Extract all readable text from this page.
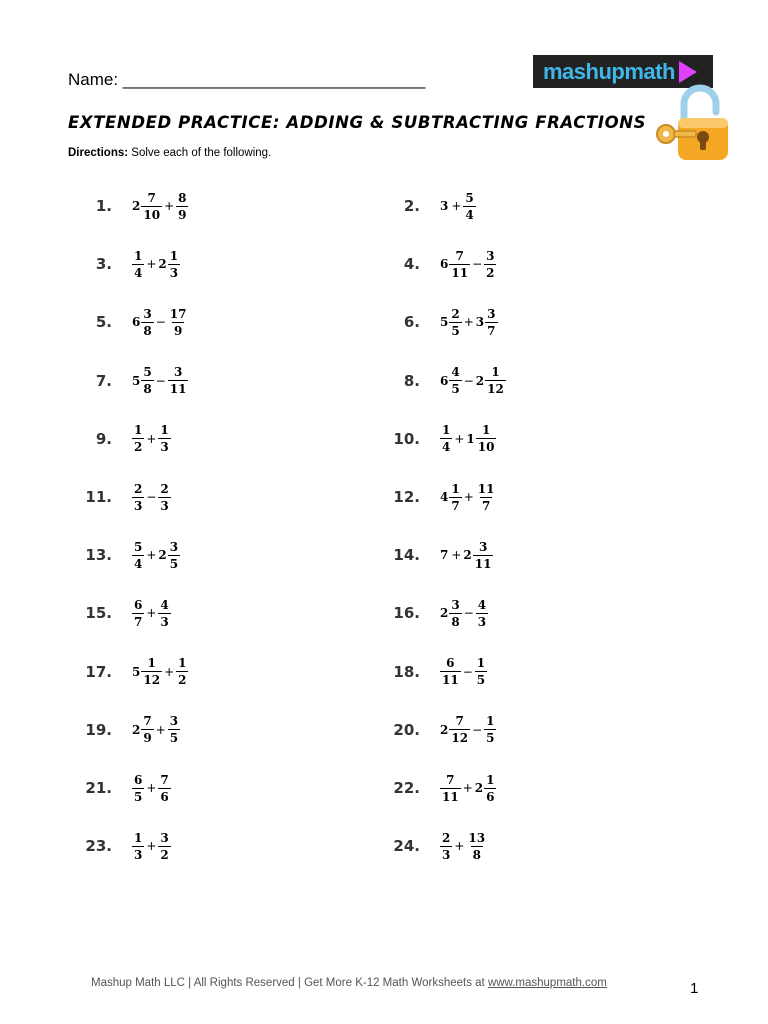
Name: ________________________________	mashupmath
EXTENDED PRACTICE: ADDING & SUBTRACTING FRACTIONS
Directions: Solve each of the following.
1. $2 \frac{7}{10} + \frac{8}{9}$	2. $3 + \frac{5}{4}$
3. $\frac{1}{4} + 2 \frac{1}{3}$	4. $6 \frac{7}{11} - \frac{3}{2}$
5. $6 \frac{3}{8} - \frac{17}{9}$	6. $5 \frac{2}{5} + 3 \frac{3}{7}$
7. $5 \frac{5}{8} - \frac{3}{11}$	8. $6 \frac{4}{5} - 2 \frac{1}{12}$
9. $\frac{1}{2} + \frac{1}{3}$	10. $\frac{1}{4} + 1 \frac{1}{10}$
11. $\frac{2}{3} - \frac{2}{3}$	12. $4 \frac{1}{7} + \frac{11}{7}$
13. $\frac{5}{4} + 2 \frac{3}{5}$	14. $7 + 2 \frac{3}{11}$
15. $\frac{6}{7} + \frac{4}{3}$	16. $2 \frac{3}{8} - \frac{4}{3}$
17. $5 \frac{1}{12} + \frac{1}{2}$	18. $\frac{6}{11} - \frac{1}{5}$
19. $2 \frac{7}{9} + \frac{3}{5}$	20. $2 \frac{7}{12} - \frac{1}{5}$
21. $\frac{6}{5} + \frac{7}{6}$	22. $\frac{7}{11} + 2 \frac{1}{6}$
23. $\frac{1}{3} + \frac{3}{2}$	24. $\frac{2}{3} + \frac{13}{8}$
Mashup Math LLC | All Rights Reserved | Get More K-12 Math Worksheets at www.mashupmath.com	1
